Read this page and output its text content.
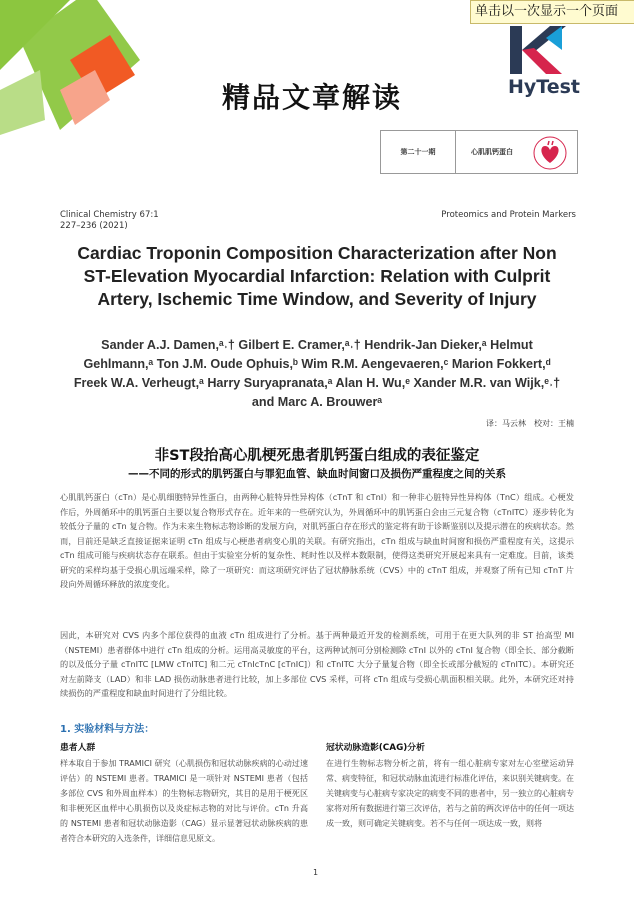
单击以一次显示一个页面
精品文章解读	HyTest
第二十一期	心肌肌钙蛋白
Clinical Chemistry 67:1
227–236 (2021)
Proteomics and Protein Markers
Cardiac Troponin Composition Characterization after Non ST-Elevation Myocardial Infarction: Relation with Culprit Artery, Ischemic Time Window, and Severity of Injury
Sander A.J. Damen,ᵃ˒† Gilbert E. Cramer,ᵃ˒† Hendrik-Jan Dieker,ᵃ Helmut Gehlmann,ᵃ Ton J.M. Oude Ophuis,ᵇ Wim R.M. Aengevaeren,ᶜ Marion Fokkert,ᵈ Freek W.A. Verheugt,ᵃ Harry Suryapranata,ᵃ Alan H. Wu,ᵉ Xander M.R. van Wijk,ᵉ˒† and Marc A. Brouwerᵃ
译：马云林　校对：王楠
非ST段抬高心肌梗死患者肌钙蛋白组成的表征鉴定
——不同的形式的肌钙蛋白与罪犯血管、缺血时间窗口及损伤严重程度之间的关系
心肌肌钙蛋白（cTn）是心肌细胞特异性蛋白，由两种心脏特异性异构体（cTnT 和 cTnI）和一种非心脏特异性异构体（TnC）组成。心梗发作后，外周循环中的肌钙蛋白主要以复合物形式存在。近年来的一些研究认为，外周循环中的肌钙蛋白会由三元复合物（cTnITC）逐步转化为较低分子量的 cTn 复合物。作为未来生物标志物诊断的发展方向，对肌钙蛋白存在形式的鉴定将有助于诊断鉴别以及提示潜在的疾病状态。然而，目前还是缺乏直接证据来证明 cTn 组成与心梗患者病变心肌的关联。有研究指出，cTn 组成与缺血时间窗和损伤严重程度有关，这提示 cTn 组成可能与疾病状态存在联系。但由于实验室分析的复杂性、耗时性以及样本数限制，使得这类研究开展起来具有一定难度。目前，该类研究的采样均基于受损心肌远端采样，除了一项研究：而这项研究评估了冠状静脉系统（CVS）中的 cTnT 组成，并观察了所有已知 cTnT 片段向外周循环释放的浓度变化。
因此，本研究对 CVS 内多个部位获得的血液 cTn 组成进行了分析。基于两种最近开发的检测系统，可用于在更大队列的非 ST 抬高型 MI（NSTEMI）患者群体中进行 cTn 组成的分析。运用高灵敏度的平台，这两种试剂可分别检测除 cTnI 以外的 cTnI 复合物（即全长、部分截断的以及低分子量 cTnITC [LMW cTnITC] 和二元 cTnIcTnC [cTnIC]）和 cTnITC 大分子量复合物（即全长或部分截短的 cTnITC）。本研究还对左前降支（LAD）和非 LAD 损伤动脉患者进行比较，加上多部位 CVS 采样，可将 cTn 组成与受损心肌面积相关联。此外，本研究还对持续损伤的严重程度和缺血时间进行了分组比较。
1. 实验材料与方法：
患者人群	冠状动脉造影(CAG)分析
样本取自于参加 TRAMICI 研究（心肌损伤和冠状动脉疾病的心动过速评估）的 NSTEMI 患者。TRAMICI 是一项针对 NSTEMI 患者（包括多部位 CVS 和外周血样本）的生物标志物研究，其目的是用于梗死区和非梗死区血样中心肌损伤以及炎症标志物的对比与评价。cTn 升高的 NSTEMI 患者和冠状动脉造影（CAG）显示显著冠状动脉疾病的患者符合本研究的入选条件，详细信息见原文。
在进行生物标志物分析之前，将有一组心脏病专家对左心室壁运动异常、病变特征，和冠状动脉血流进行标准化评估，来识别关键病变。在关键病变与心脏病专家决定的病变不同的患者中，另一独立的心脏病专家将对所有数据进行第三次评估，若与之前的两次评估中的任何一项达成一致，则可确定关键病变。若不与任何一项达成一致，则将
1
